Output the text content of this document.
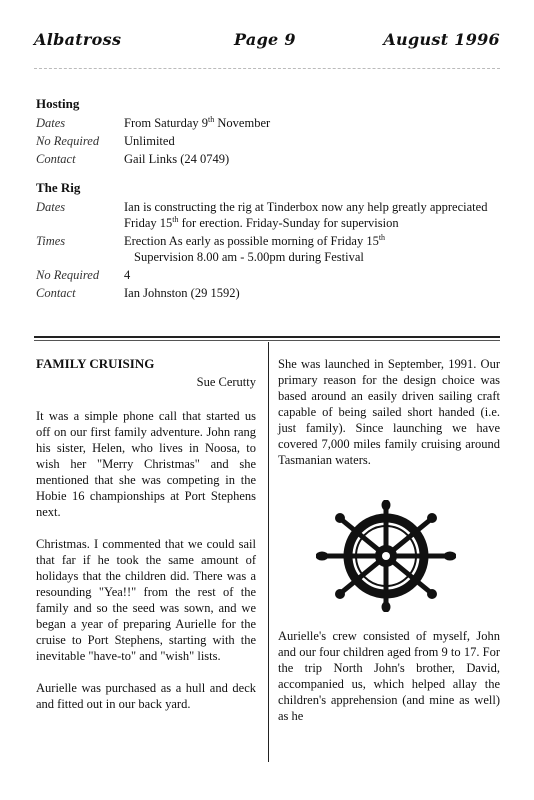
Albatross	Page 9	August 1996
Hosting
Dates	From Saturday 9th November
No Required	Unlimited
Contact	Gail Links (24 0749)
The Rig
Dates	Ian is constructing the rig at Tinderbox now any help greatly appreciated
Friday 15th for erection. Friday-Sunday for supervision
Times	Erection As early as possible morning of Friday 15th
Supervision 8.00 am - 5.00pm during Festival
No Required	4
Contact	Ian Johnston (29 1592)

FAMILY CRUISING

Sue Cerutty

It was a simple phone call that started us off on our first family adventure. John rang his sister, Helen, who lives in Noosa, to wish her "Merry Christmas" and she mentioned that she was competing in the Hobie 16 championships at Port Stephens next.

Christmas. I commented that we could sail that far if he took the same amount of holidays that the children did. There was a resounding "Yea!!" from the rest of the family and so the seed was sown, and we began a year of preparing Aurielle for the cruise to Port Stephens, starting with the inevitable "have-to" and "wish" lists.

Aurielle was purchased as a hull and deck and fitted out in our back yard.

She was launched in September, 1991. Our primary reason for the design choice was based around an easily driven sailing craft capable of being sailed short handed (i.e. just family). Since launching we have covered 7,000 miles family cruising around Tasmanian waters.

Aurielle's crew consisted of myself, John and our four children aged from 9 to 17. For the trip North John's brother, David, accompanied us, which helped allay the children's apprehension (and mine as well) as he
